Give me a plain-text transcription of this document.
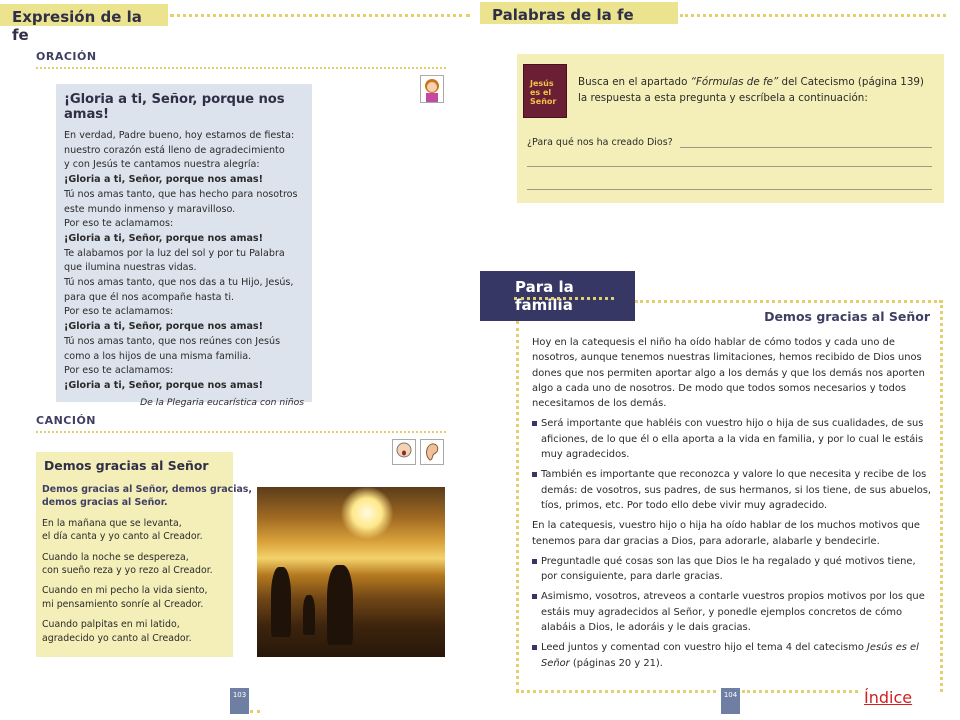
Expresión de la fe
ORACIÓN
¡Gloria a ti, Señor, porque nos amas!
En verdad, Padre bueno, hoy estamos de fiesta:
nuestro corazón está lleno de agradecimiento
y con Jesús te cantamos nuestra alegría:
¡Gloria a ti, Señor, porque nos amas!
Tú nos amas tanto, que has hecho para nosotros
este mundo inmenso y maravilloso.
Por eso te aclamamos:
¡Gloria a ti, Señor, porque nos amas!
Te alabamos por la luz del sol y por tu Palabra
que ilumina nuestras vidas.
Tú nos amas tanto, que nos das a tu Hijo, Jesús,
para que él nos acompañe hasta ti.
Por eso te aclamamos:
¡Gloria a ti, Señor, porque nos amas!
Tú nos amas tanto, que nos reúnes con Jesús
como a los hijos de una misma familia.
Por eso te aclamamos:
¡Gloria a ti, Señor, porque nos amas!
De la Plegaria eucarística con niños
CANCIÓN
Demos gracias al Señor
Demos gracias al Señor, demos gracias,
demos gracias al Señor.
En la mañana que se levanta,
el día canta y yo canto al Creador.
Cuando la noche se despereza,
con sueño reza y yo rezo al Creador.
Cuando en mi pecho la vida siento,
mi pensamiento sonríe al Creador.
Cuando palpitas en mi latido,
agradecido yo canto al Creador.
103
Palabras de la fe
Jesús es el Señor
Busca en el apartado “Fórmulas de fe” del Catecismo (página 139) la respuesta a esta pregunta y escríbela a continuación:
¿Para qué nos ha creado Dios?
Para la familia
Demos gracias al Señor

Hoy en la catequesis el niño ha oído hablar de cómo todos y cada uno de nosotros, aunque tenemos nuestras limitaciones, hemos recibido de Dios unos dones que nos permiten aportar algo a los demás y que los demás nos aporten algo a cada uno de nosotros. De modo que todos somos necesarios y todos necesitamos de los demás.

Será importante que habléis con vuestro hijo o hija de sus cualidades, de sus aficiones, de lo que él o ella aporta a la vida en familia, y por lo cual le estáis muy agradecidos.

También es importante que reconozca y valore lo que necesita y recibe de los demás: de vosotros, sus padres, de sus hermanos, si los tiene, de sus abuelos, tíos, primos, etc. Por todo ello debe vivir muy agradecido.

En la catequesis, vuestro hijo o hija ha oído hablar de los muchos motivos que tenemos para dar gracias a Dios, para adorarle, alabarle y bendecirle.

Preguntadle qué cosas son las que Dios le ha regalado y qué motivos tiene, por consiguiente, para darle gracias.

Asimismo, vosotros, atreveos a contarle vuestros propios motivos por los que estáis muy agradecidos al Señor, y ponedle ejemplos concretos de cómo alabáis a Dios, le adoráis y le dais gracias.

Leed juntos y comentad con vuestro hijo el tema 4 del catecismo Jesús es el Señor (páginas 20 y 21).

104	Índice
